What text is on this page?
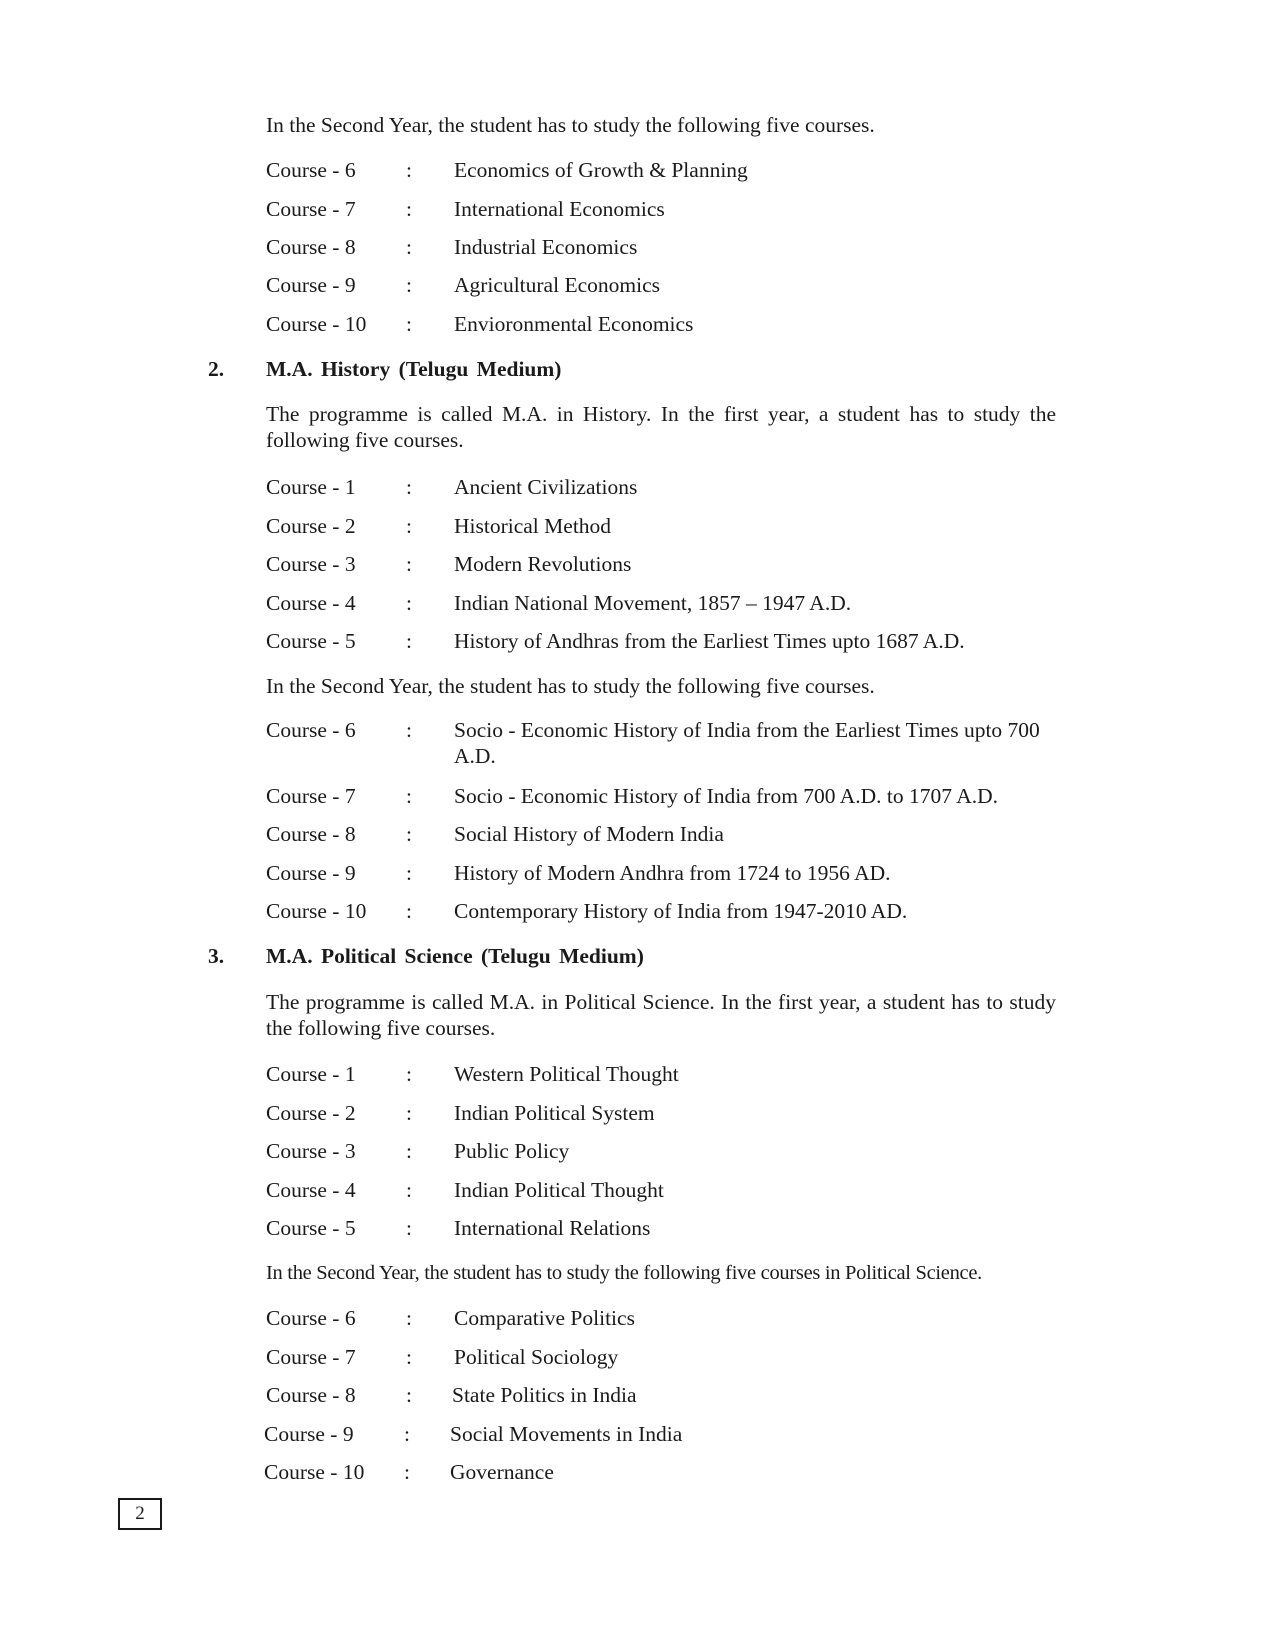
In the Second Year, the student has to study the following five courses.

Course - 6 : Economics of Growth & Planning
Course - 7 : International Economics
Course - 8 : Industrial Economics
Course - 9 : Agricultural Economics
Course - 10 : Envioronmental Economics
2. M.A. History (Telugu Medium)

The programme is called M.A. in History. In the first year, a student has to study the following five courses.

Course - 1 : Ancient Civilizations
Course - 2 : Historical Method
Course - 3 : Modern Revolutions
Course - 4 : Indian National Movement, 1857 – 1947 A.D.
Course - 5 : History of Andhras from the Earliest Times upto 1687 A.D.

In the Second Year, the student has to study the following five courses.

Course - 6 : Socio - Economic History of India from the Earliest Times upto 700 A.D.
Course - 7 : Socio - Economic History of India from 700 A.D. to 1707 A.D.
Course - 8 : Social History of Modern India
Course - 9 : History of Modern Andhra from 1724 to 1956 AD.
Course - 10 : Contemporary History of India from 1947-2010 AD.
3. M.A. Political Science (Telugu Medium)

The programme is called M.A. in Political Science. In the first year, a student has to study the following five courses.

Course - 1 : Western Political Thought
Course - 2 : Indian Political System
Course - 3 : Public Policy
Course - 4 : Indian Political Thought
Course - 5 : International Relations

In the Second Year, the student has to study the following five courses in Political Science.

Course - 6 : Comparative Politics
Course - 7 : Political Sociology
Course - 8 : State Politics in India
Course - 9 : Social Movements in India
Course - 10 : Governance
2
